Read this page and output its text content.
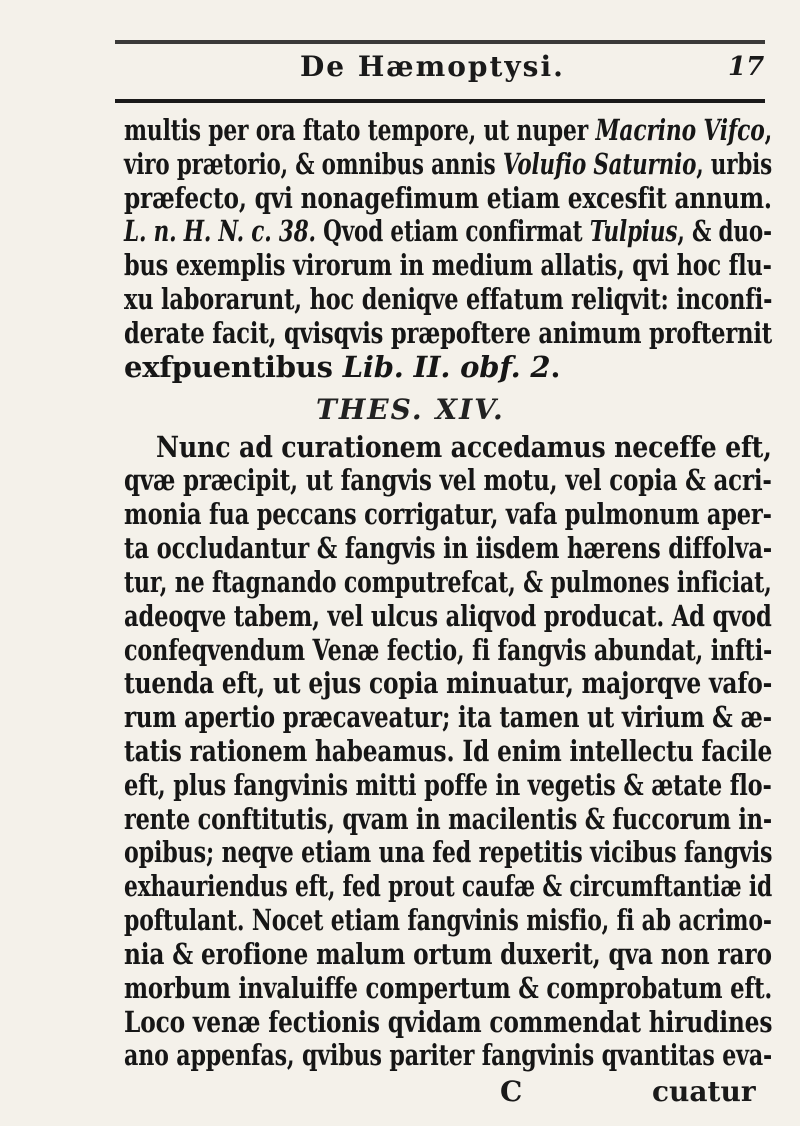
De Hæmoptysi.	17
multis per ora ftato tempore, ut nuper Macrino Vifco,
viro prætorio, & omnibus annis Volufio Saturnio, urbis
præfecto, qvi nonagefimum etiam excesfit annum.
L. n. H. N. c. 38. Qvod etiam confirmat Tulpius, & duo-
bus exemplis virorum in medium allatis, qvi hoc flu-
xu laborarunt, hoc deniqve effatum reliqvit: inconfi-
derate facit, qvisqvis præpoftere animum profternit
exfpuentibus Lib. II. obf. 2.
THES. XIV.
Nunc ad curationem accedamus neceffe eft,
qvæ præcipit, ut fangvis vel motu, vel copia & acri-
monia fua peccans corrigatur, vafa pulmonum aper-
ta occludantur & fangvis in iisdem hærens diffolva-
tur, ne ftagnando computrefcat, & pulmones inficiat,
adeoqve tabem, vel ulcus aliqvod producat. Ad qvod
confeqvendum Venæ fectio, fi fangvis abundat, infti-
tuenda eft, ut ejus copia minuatur, majorqve vafo-
rum apertio præcaveatur; ita tamen ut virium & æ-
tatis rationem habeamus. Id enim intellectu facile
eft, plus fangvinis mitti poffe in vegetis & ætate flo-
rente conftitutis, qvam in macilentis & fuccorum in-
opibus; neqve etiam una fed repetitis vicibus fangvis
exhauriendus eft, fed prout caufæ & circumftantiæ id
poftulant. Nocet etiam fangvinis misfio, fi ab acrimo-
nia & erofione malum ortum duxerit, qva non raro
morbum invaluiffe compertum & comprobatum eft.
Loco venæ fectionis qvidam commendat hirudines
ano appenfas, qvibus pariter fangvinis qvantitas eva-
C	cuatur
